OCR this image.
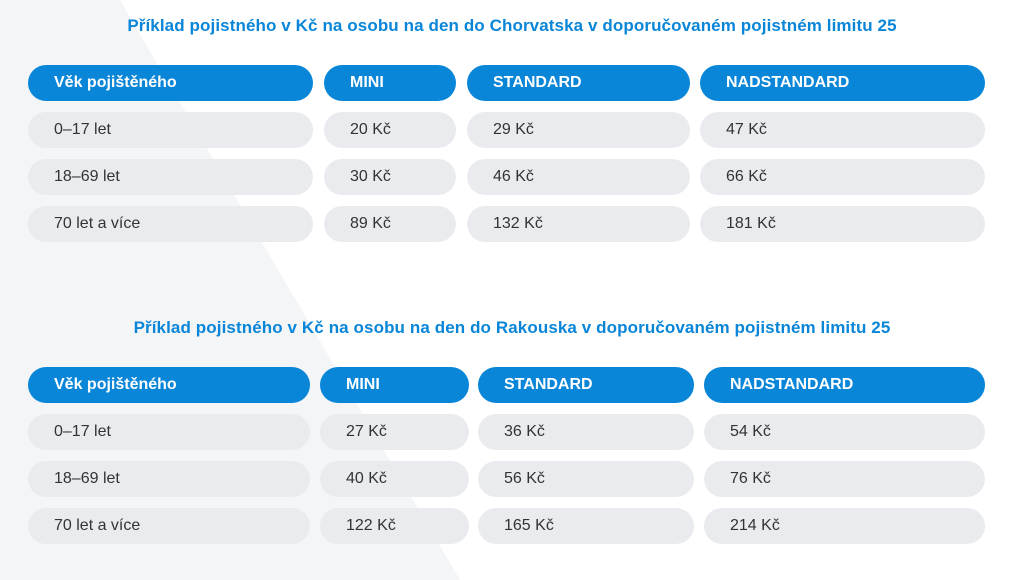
Příklad pojistného v Kč na osobu na den do Chorvatska v doporučovaném pojistném limitu 25
Věk pojištěného	MINI	STANDARD	NADSTANDARD
0–17 let	20 Kč	29 Kč	47 Kč
18–69 let	30 Kč	46 Kč	66 Kč
70 let a více	89 Kč	132 Kč	181 Kč
Příklad pojistného v Kč na osobu na den do Rakouska v doporučovaném pojistném limitu 25
Věk pojištěného	MINI	STANDARD	NADSTANDARD
0–17 let	27 Kč	36 Kč	54 Kč
18–69 let	40 Kč	56 Kč	76 Kč
70 let a více	122 Kč	165 Kč	214 Kč
